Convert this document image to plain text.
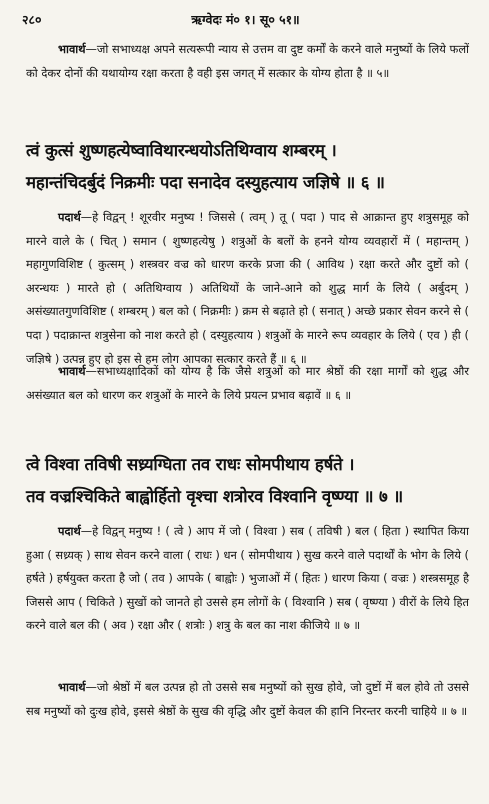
२८०	ऋग्वेदः मं० १। सू० ५१॥

भावार्थ—जो सभाध्यक्ष अपने सत्यरूपी न्याय से उत्तम वा दुष्ट कर्मों के करने वाले मनुष्यों के लिये फलों को देकर दोनों की यथायोग्य रक्षा करता है वही इस जगत् में सत्कार के योग्य होता है ॥ ५॥

त्वं कुत्सं शुष्णहत्येष्वाविथारन्धयोऽतिथिग्वाय शम्बरम् ।
महान्तंचिदर्बुदं निक्रमीः पदा सनादेव दस्युहत्याय जज्ञिषे ॥ ६ ॥

पदार्थ—हे विद्वन् ! शूरवीर मनुष्य ! जिससे ( त्वम् ) तू ( पदा ) पाद से आक्रान्त हुए शत्रुसमूह को मारने वाले के ( चित् ) समान ( शुष्णहत्येषु ) शत्रुओं के बलों के हनने योग्य व्यवहारों में ( महान्तम् ) महागुणविशिष्ट ( कुत्सम् ) शस्त्रवर वज्र को धारण करके प्रजा की ( आविथ ) रक्षा करते और दुष्टों को ( अरन्धयः ) मारते हो ( अतिथिग्वाय ) अतिथियों के जाने-आने को शुद्ध मार्ग के लिये ( अर्बुदम् ) असंख्यातगुणविशिष्ट ( शम्बरम् ) बल को ( निक्रमीः ) क्रम से बढ़ाते हो ( सनात् ) अच्छे प्रकार सेवन करने से ( पदा ) पदाक्रान्त शत्रुसेना को नाश करते हो ( दस्युहत्याय ) शत्रुओं के मारने रूप व्यवहार के लिये ( एव ) ही ( जज्ञिषे ) उत्पन्न हुए हो इस से हम लोग आपका सत्कार करते हैं ॥ ६ ॥

भावार्थ—सभाध्यक्षादिकों को योग्य है कि जैसे शत्रुओं को मार श्रेष्ठों की रक्षा मार्गों को शुद्ध और असंख्यात बल को धारण कर शत्रुओं के मारने के लिये प्रयत्न प्रभाव बढ़ावें ॥ ६ ॥

त्वे विश्वा तविषी सध्र्यग्घिता तव राधः सोमपीथाय हर्षते ।
तव वज्रश्चिकिते बाह्वोर्हितो वृश्चा शत्रोरव विश्वानि वृष्ण्या ॥ ७ ॥

पदार्थ—हे विद्वन् मनुष्य ! ( त्वे ) आप में जो ( विश्वा ) सब ( तविषी ) बल ( हिता ) स्थापित किया हुआ ( सध्र्यक् ) साथ सेवन करने वाला ( राधः ) धन ( सोमपीथाय ) सुख करने वाले पदार्थों के भोग के लिये ( हर्षते ) हर्षयुक्त करता है जो ( तव ) आपके ( बाह्वोः ) भुजाओं में ( हितः ) धारण किया ( वज्रः ) शस्त्रसमूह है जिससे आप ( चिकिते ) सुखों को जानते हो उससे हम लोगों के ( विश्वानि ) सब ( वृष्ण्या ) वीरों के लिये हित करने वाले बल की ( अव ) रक्षा और ( शत्रोः ) शत्रु के बल का नाश कीजिये ॥ ७ ॥

भावार्थ—जो श्रेष्ठों में बल उत्पन्न हो तो उससे सब मनुष्यों को सुख होवे, जो दुष्टों में बल होवे तो उससे सब मनुष्यों को दुःख होवे, इससे श्रेष्ठों के सुख की वृद्धि और दुष्टों केवल की हानि निरन्तर करनी चाहिये ॥ ७ ॥
